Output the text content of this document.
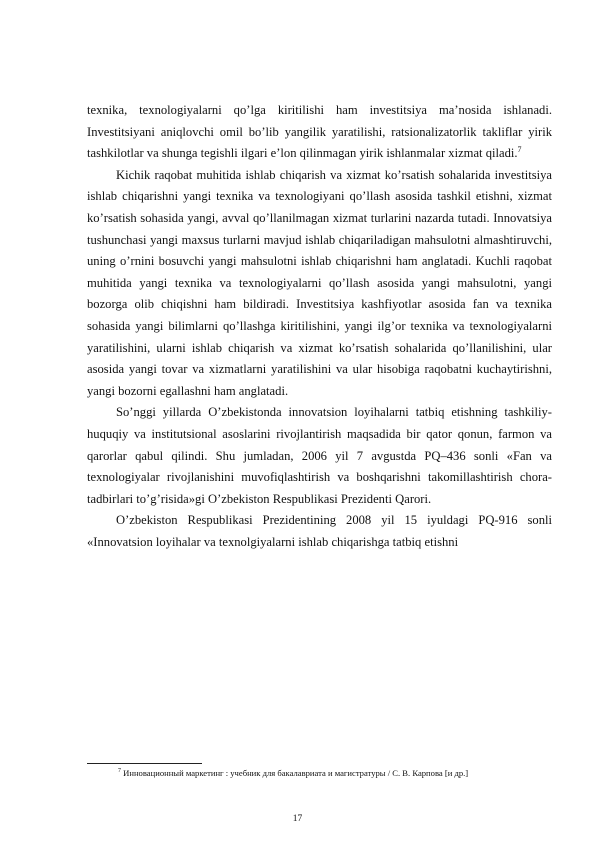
texnika, texnologiyalarni qo’lga kiritilishi ham investitsiya ma’nosida ishlanadi. Investitsiyani aniqlovchi omil bo’lib yangilik yaratilishi, ratsionalizatorlik takliflar yirik tashkilotlar va shunga tegishli ilgari e’lon qilinmagan yirik ishlanmalar xizmat qiladi.$^7$

Kichik raqobat muhitida ishlab chiqarish va xizmat ko’rsatish sohalarida investitsiya ishlab chiqarishni yangi texnika va texnologiyani qo’llash asosida tashkil etishni, xizmat ko’rsatish sohasida yangi, avval qo’llanilmagan xizmat turlarini nazarda tutadi. Innovatsiya tushunchasi yangi maxsus turlarni mavjud ishlab chiqariladigan mahsulotni almashtiruvchi, uning o’rnini bosuvchi yangi mahsulotni ishlab chiqarishni ham anglatadi. Kuchli raqobat muhitida yangi texnika va texnologiyalarni qo’llash asosida yangi mahsulotni, yangi bozorga olib chiqishni ham bildiradi. Investitsiya kashfiyotlar asosida fan va texnika sohasida yangi bilimlarni qo’llashga kiritilishini, yangi ilg’or texnika va texnologiyalarni yaratilishini, ularni ishlab chiqarish va xizmat ko’rsatish sohalarida qo’llanilishini, ular asosida yangi tovar va xizmatlarni yaratilishini va ular hisobiga raqobatni kuchaytirishni, yangi bozorni egallashni ham anglatadi.

So’nggi yillarda O’zbekistonda innovatsion loyihalarni tatbiq etishning tashkiliy-huquqiy va institutsional asoslarini rivojlantirish maqsadida bir qator qonun, farmon va qarorlar qabul qilindi. Shu jumladan, 2006 yil 7 avgustda PQ–436 sonli «Fan va texnologiyalar rivojlanishini muvofiqlashtirish va boshqarishni takomillashtirish chora-tadbirlari to’g’risida»gi O’zbekiston Respublikasi Prezidenti Qarori.

O’zbekiston Respublikasi Prezidentining 2008 yil 15 iyuldagi PQ-916 sonli «Innovatsion loyihalar va texnolgiyalarni ishlab chiqarishga tatbiq etishni

$^7$ Инновационный маркетинг : учебник для бакалавриата и магистратуры / С. В. Карпова [и др.]
17
